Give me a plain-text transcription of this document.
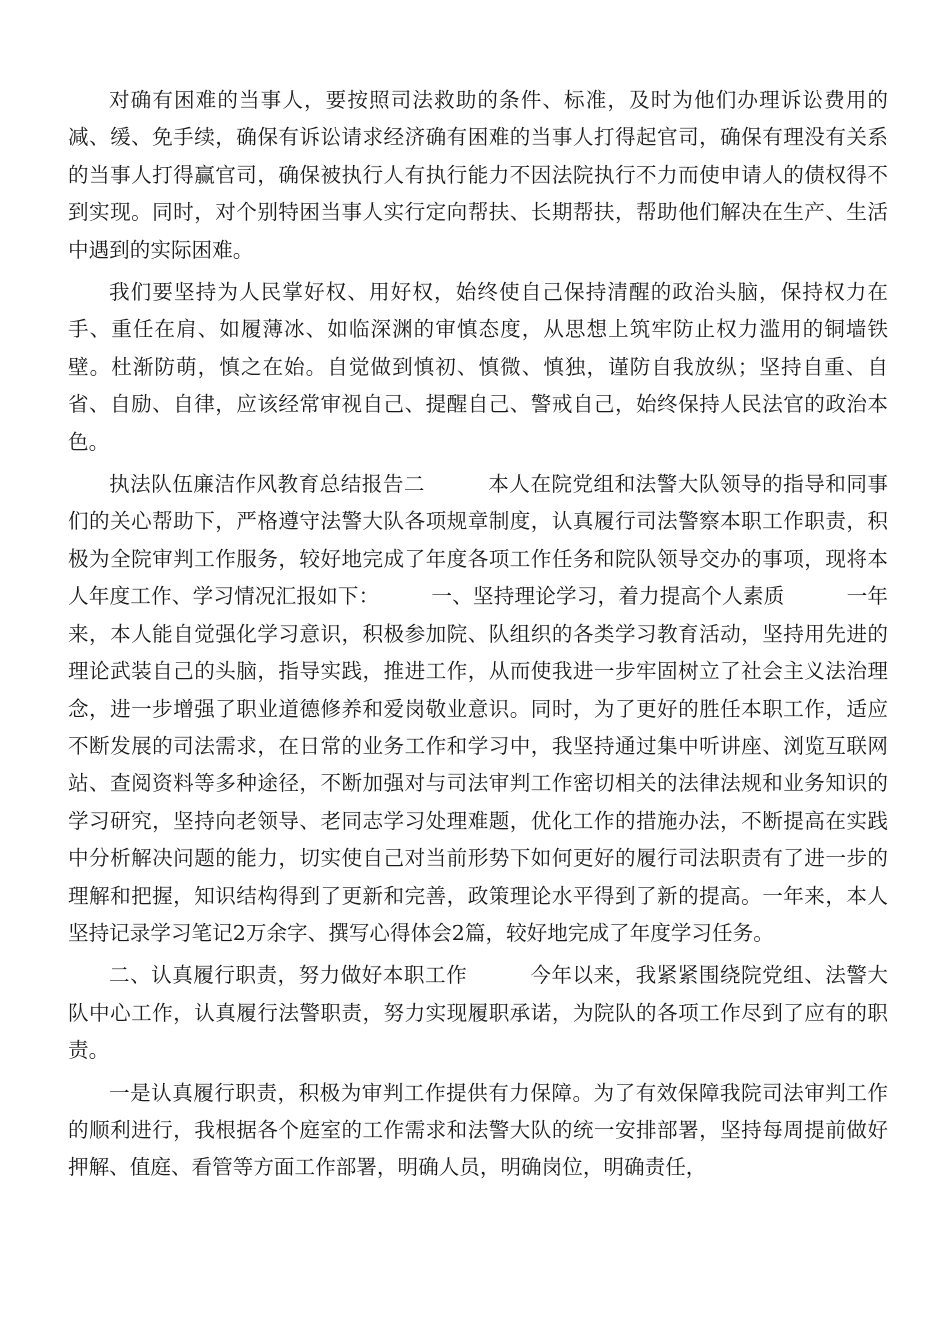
对确有困难的当事人，要按照司法救助的条件、标准，及时为他们办理诉讼费用的减、缓、免手续，确保有诉讼请求经济确有困难的当事人打得起官司，确保有理没有关系的当事人打得赢官司，确保被执行人有执行能力不因法院执行不力而使申请人的债权得不到实现。同时，对个别特困当事人实行定向帮扶、长期帮扶，帮助他们解决在生产、生活中遇到的实际困难。

我们要坚持为人民掌好权、用好权，始终使自己保持清醒的政治头脑，保持权力在手、重任在肩、如履薄冰、如临深渊的审慎态度，从思想上筑牢防止权力滥用的铜墙铁壁。杜渐防萌，慎之在始。自觉做到慎初、慎微、慎独，谨防自我放纵；坚持自重、自省、自励、自律，应该经常审视自己、提醒自己、警戒自己，始终保持人民法官的政治本色。

执法队伍廉洁作风教育总结报告二　　　本人在院党组和法警大队领导的指导和同事们的关心帮助下，严格遵守法警大队各项规章制度，认真履行司法警察本职工作职责，积极为全院审判工作服务，较好地完成了年度各项工作任务和院队领导交办的事项，现将本人年度工作、学习情况汇报如下：　　　一、坚持理论学习，着力提高个人素质　　　一年来，本人能自觉强化学习意识，积极参加院、队组织的各类学习教育活动，坚持用先进的理论武装自己的头脑，指导实践，推进工作，从而使我进一步牢固树立了社会主义法治理念，进一步增强了职业道德修养和爱岗敬业意识。同时，为了更好的胜任本职工作，适应不断发展的司法需求，在日常的业务工作和学习中，我坚持通过集中听讲座、浏览互联网站、查阅资料等多种途径，不断加强对与司法审判工作密切相关的法律法规和业务知识的学习研究，坚持向老领导、老同志学习处理难题，优化工作的措施办法，不断提高在实践中分析解决问题的能力，切实使自己对当前形势下如何更好的履行司法职责有了进一步的理解和把握，知识结构得到了更新和完善，政策理论水平得到了新的提高。一年来，本人坚持记录学习笔记2万余字、撰写心得体会2篇，较好地完成了年度学习任务。

二、认真履行职责，努力做好本职工作　　　今年以来，我紧紧围绕院党组、法警大队中心工作，认真履行法警职责，努力实现履职承诺，为院队的各项工作尽到了应有的职责。

一是认真履行职责，积极为审判工作提供有力保障。为了有效保障我院司法审判工作的顺利进行，我根据各个庭室的工作需求和法警大队的统一安排部署，坚持每周提前做好押解、值庭、看管等方面工作部署，明确人员，明确岗位，明确责任，
